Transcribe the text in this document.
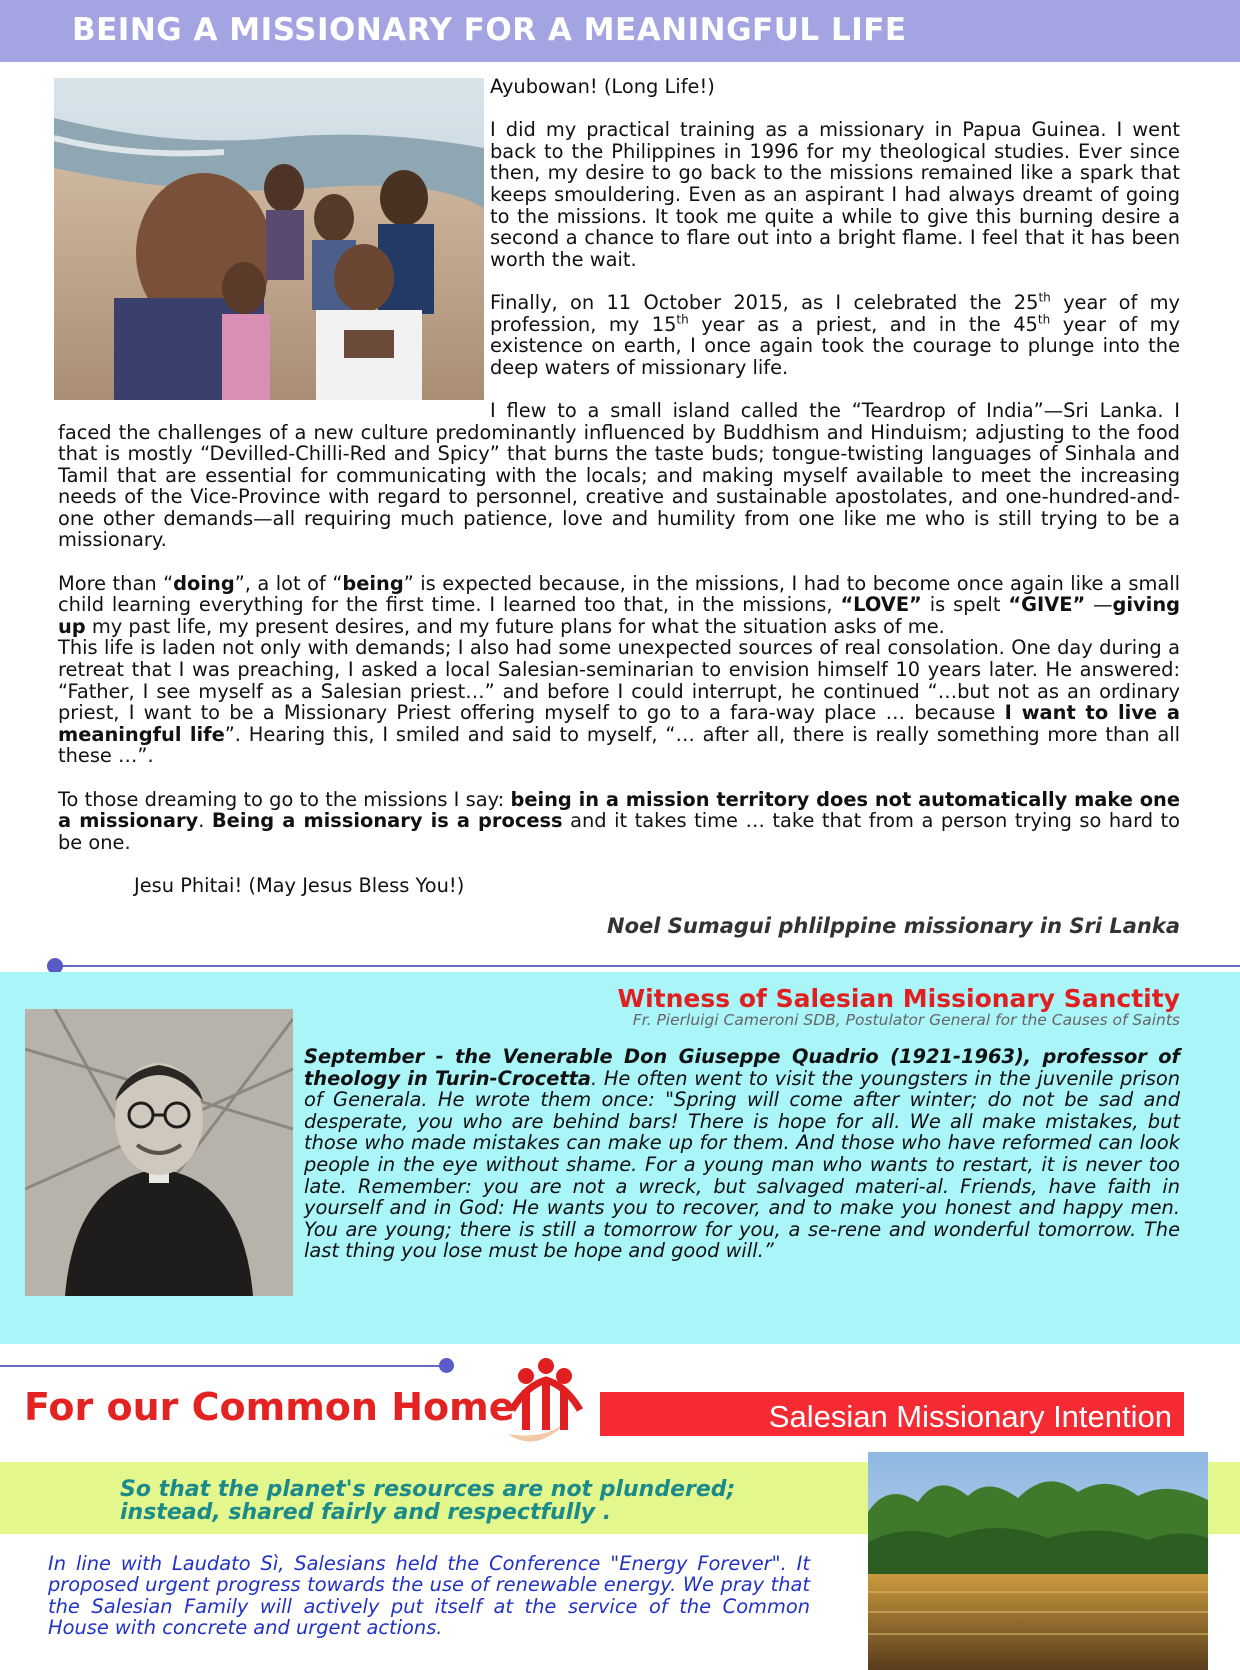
BEING A MISSIONARY FOR A MEANINGFUL LIFE

Ayubowan! (Long Life!)

I did my practical training as a missionary in Papua Guinea. I went back to the Philippines in 1996 for my theological studies. Ever since then, my desire to go back to the missions remained like a spark that keeps smouldering. Even as an aspirant I had always dreamt of going to the missions. It took me quite a while to give this burning desire a second a chance to flare out into a bright flame. I feel that it has been worth the wait.

Finally, on 11 October 2015, as I celebrated the 25th year of my profession, my 15th year as a priest, and in the 45th year of my existence on earth, I once again took the courage to plunge into the deep waters of missionary life.

I flew to a small island called the “Teardrop of India”—Sri Lanka. I faced the challenges of a new culture predominantly influenced by Buddhism and Hinduism; adjusting to the food that is mostly “Devilled-Chilli-Red and Spicy” that burns the taste buds; tongue-twisting languages of Sinhala and Tamil that are essential for communicating with the locals; and making myself available to meet the increasing needs of the Vice-Province with regard to personnel, creative and sustainable apostolates, and one-hundred-and-one other demands—all requiring much patience, love and humility from one like me who is still trying to be a missionary.

More than “doing”, a lot of “being” is expected because, in the missions, I had to become once again like a small child learning everything for the first time. I learned too that, in the missions, “LOVE” is spelt “GIVE” —giving up my past life, my present desires, and my future plans for what the situation asks of me.

This life is laden not only with demands; I also had some unexpected sources of real consolation. One day during a retreat that I was preaching, I asked a local Salesian-seminarian to envision himself 10 years later. He answered: “Father, I see myself as a Salesian priest…” and before I could interrupt, he continued “…but not as an ordinary priest, I want to be a Missionary Priest offering myself to go to a fara-way place … because I want to live a meaningful life”. Hearing this, I smiled and said to myself, “… after all, there is really something more than all these …”.

To those dreaming to go to the missions I say: being in a mission territory does not automatically make one a missionary. Being a missionary is a process and it takes time … take that from a person trying so hard to be one.

Jesu Phitai! (May Jesus Bless You!)

Noel Sumagui phlilppine missionary in Sri Lanka
Witness of Salesian Missionary Sanctity
Fr. Pierluigi Cameroni SDB, Postulator General for the Causes of Saints
September - the Venerable Don Giuseppe Quadrio (1921-1963), professor of theology in Turin-Crocetta. He often went to visit the youngsters in the juvenile prison of Generala. He wrote them once: "Spring will come after winter; do not be sad and desperate, you who are behind bars! There is hope for all. We all make mistakes, but those who made mistakes can make up for them. And those who have reformed can look people in the eye without shame. For a young man who wants to restart, it is never too late. Remember: you are not a wreck, but salvaged materi-al. Friends, have faith in yourself and in God: He wants you to recover, and to make you honest and happy men. You are young; there is still a tomorrow for you, a se-rene and wonderful tomorrow. The last thing you lose must be hope and good will.”
For our Common Home	Salesian Missionary Intention
So that the planet's resources are not plundered;
instead, shared fairly and respectfully .
In line with Laudato Sì, Salesians held the Conference "Energy Forever". It proposed urgent progress towards the use of renewable energy. We pray that the Salesian Family will actively put itself at the service of the Common House with concrete and urgent actions.
